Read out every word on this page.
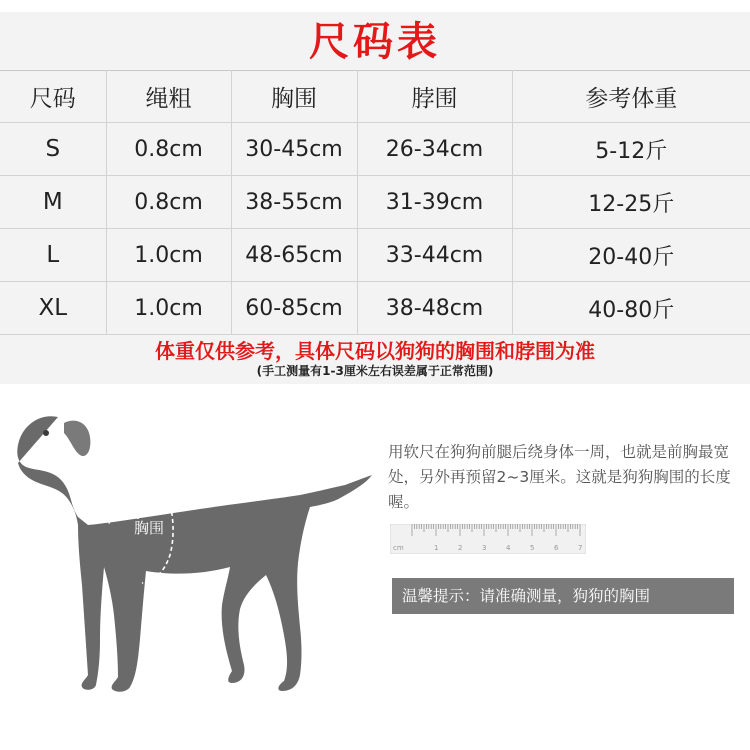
尺码表
尺码	绳粗	胸围	脖围	参考体重
S	0.8cm	30-45cm	26-34cm	5-12斤
M	0.8cm	38-55cm	31-39cm	12-25斤
L	1.0cm	48-65cm	33-44cm	20-40斤
XL	1.0cm	60-85cm	38-48cm	40-80斤
体重仅供参考，具体尺码以狗狗的胸围和脖围为准
(手工测量有1-3厘米左右误差属于正常范围)
脖围
胸围
用软尺在狗狗前腿后绕身体一周，也就是前胸最宽处，另外再预留2~3厘米。这就是狗狗胸围的长度喔。
cm	1	2	3	4	5	6	7
温馨提示：请准确测量，狗狗的胸围
